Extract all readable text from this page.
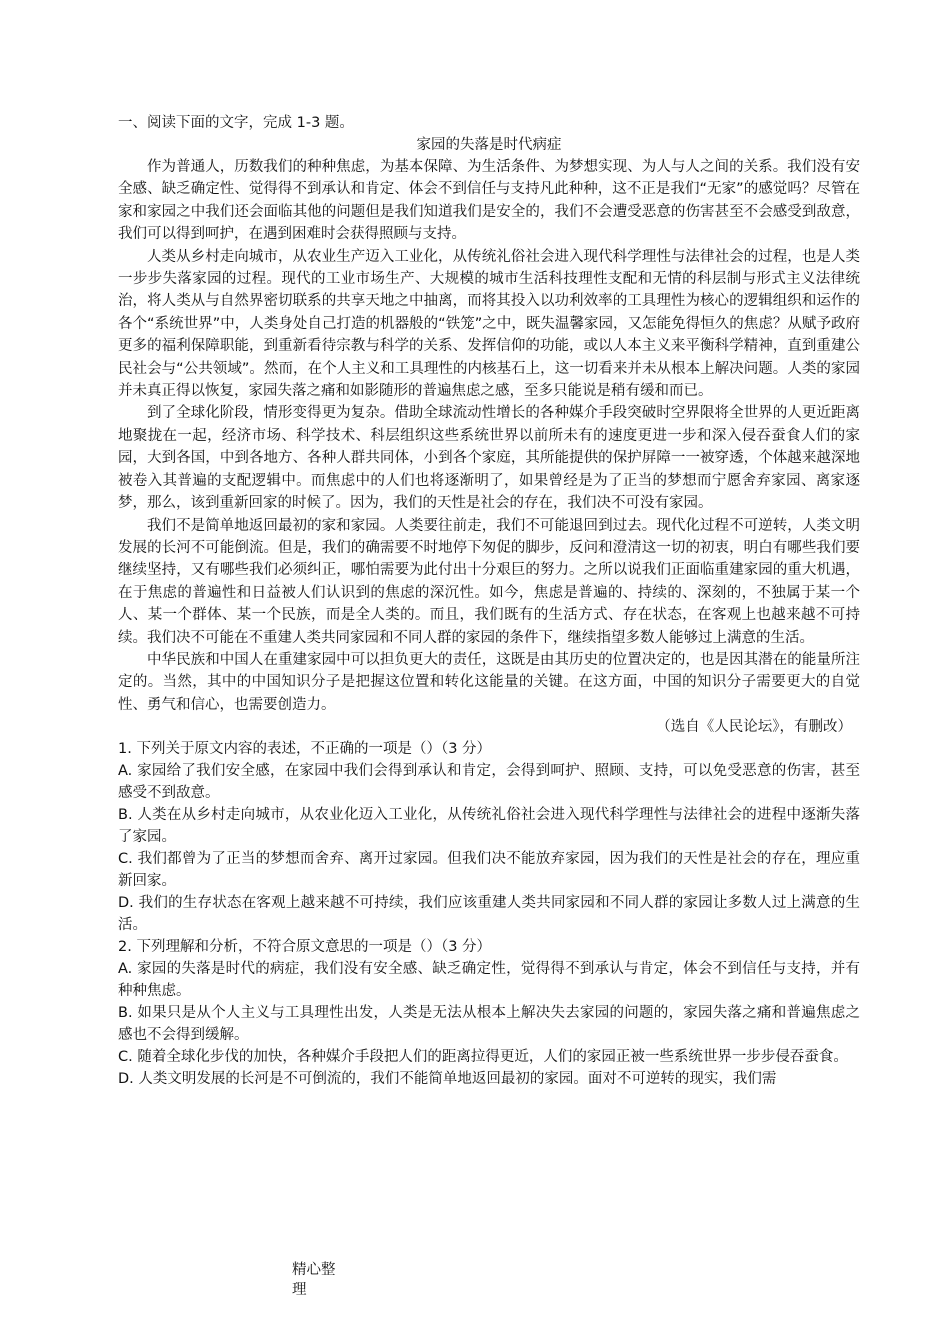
一、阅读下面的文字，完成 1-3 题。

家园的失落是时代病症

作为普通人，历数我们的种种焦虑，为基本保障、为生活条件、为梦想实现、为人与人之间的关系。我们没有安全感、缺乏确定性、觉得得不到承认和肯定、体会不到信任与支持凡此种种，这不正是我们“无家”的感觉吗？尽管在家和家园之中我们还会面临其他的问题但是我们知道我们是安全的，我们不会遭受恶意的伤害甚至不会感受到敌意，我们可以得到呵护，在遇到困难时会获得照顾与支持。

人类从乡村走向城市，从农业生产迈入工业化，从传统礼俗社会进入现代科学理性与法律社会的过程，也是人类一步步失落家园的过程。现代的工业市场生产、大规模的城市生活科技理性支配和无情的科层制与形式主义法律统治，将人类从与自然界密切联系的共享天地之中抽离，而将其投入以功利效率的工具理性为核心的逻辑组织和运作的各个“系统世界”中，人类身处自己打造的机器般的“铁笼”之中，既失温馨家园，又怎能免得恒久的焦虑？从赋予政府更多的福利保障职能，到重新看待宗教与科学的关系、发挥信仰的功能，或以人本主义来平衡科学精神，直到重建公民社会与“公共领域”。然而，在个人主义和工具理性的内核基石上，这一切看来并未从根本上解决问题。人类的家园并未真正得以恢复，家园失落之痛和如影随形的普遍焦虑之感，至多只能说是稍有缓和而已。

到了全球化阶段，情形变得更为复杂。借助全球流动性增长的各种媒介手段突破时空界限将全世界的人更近距离地聚拢在一起，经济市场、科学技术、科层组织这些系统世界以前所未有的速度更进一步和深入侵吞蚕食人们的家园，大到各国，中到各地方、各种人群共同体，小到各个家庭，其所能提供的保护屏障一一被穿透，个体越来越深地被卷入其普遍的支配逻辑中。而焦虑中的人们也将逐渐明了，如果曾经是为了正当的梦想而宁愿舍弃家园、离家逐梦，那么，该到重新回家的时候了。因为，我们的天性是社会的存在，我们决不可没有家园。

我们不是简单地返回最初的家和家园。人类要往前走，我们不可能退回到过去。现代化过程不可逆转，人类文明发展的长河不可能倒流。但是，我们的确需要不时地停下匆促的脚步，反问和澄清这一切的初衷，明白有哪些我们要继续坚持，又有哪些我们必须纠正，哪怕需要为此付出十分艰巨的努力。之所以说我们正面临重建家园的重大机遇，在于焦虑的普遍性和日益被人们认识到的焦虑的深沉性。如今，焦虑是普遍的、持续的、深刻的，不独属于某一个人、某一个群体、某一个民族，而是全人类的。而且，我们既有的生活方式、存在状态，在客观上也越来越不可持续。我们决不可能在不重建人类共同家园和不同人群的家园的条件下，继续指望多数人能够过上满意的生活。

中华民族和中国人在重建家园中可以担负更大的责任，这既是由其历史的位置决定的，也是因其潜在的能量所注定的。当然，其中的中国知识分子是把握这位置和转化这能量的关键。在这方面，中国的知识分子需要更大的自觉性、勇气和信心，也需要创造力。

（选自《人民论坛》，有删改）

1. 下列关于原文内容的表述，不正确的一项是（）（3 分）

A. 家园给了我们安全感，在家园中我们会得到承认和肯定，会得到呵护、照顾、支持，可以免受恶意的伤害，甚至感受不到敌意。

B. 人类在从乡村走向城市，从农业化迈入工业化，从传统礼俗社会进入现代科学理性与法律社会的进程中逐渐失落了家园。

C. 我们都曾为了正当的梦想而舍弃、离开过家园。但我们决不能放弃家园，因为我们的天性是社会的存在，理应重新回家。

D. 我们的生存状态在客观上越来越不可持续，我们应该重建人类共同家园和不同人群的家园让多数人过上满意的生活。

2. 下列理解和分析，不符合原文意思的一项是（）（3 分）

A. 家园的失落是时代的病症，我们没有安全感、缺乏确定性，觉得得不到承认与肯定，体会不到信任与支持，并有种种焦虑。

B. 如果只是从个人主义与工具理性出发，人类是无法从根本上解决失去家园的问题的，家园失落之痛和普遍焦虑之感也不会得到缓解。

C. 随着全球化步伐的加快，各种媒介手段把人们的距离拉得更近，人们的家园正被一些系统世界一步步侵吞蚕食。

D. 人类文明发展的长河是不可倒流的，我们不能简单地返回最初的家园。面对不可逆转的现实，我们需

精心整理
